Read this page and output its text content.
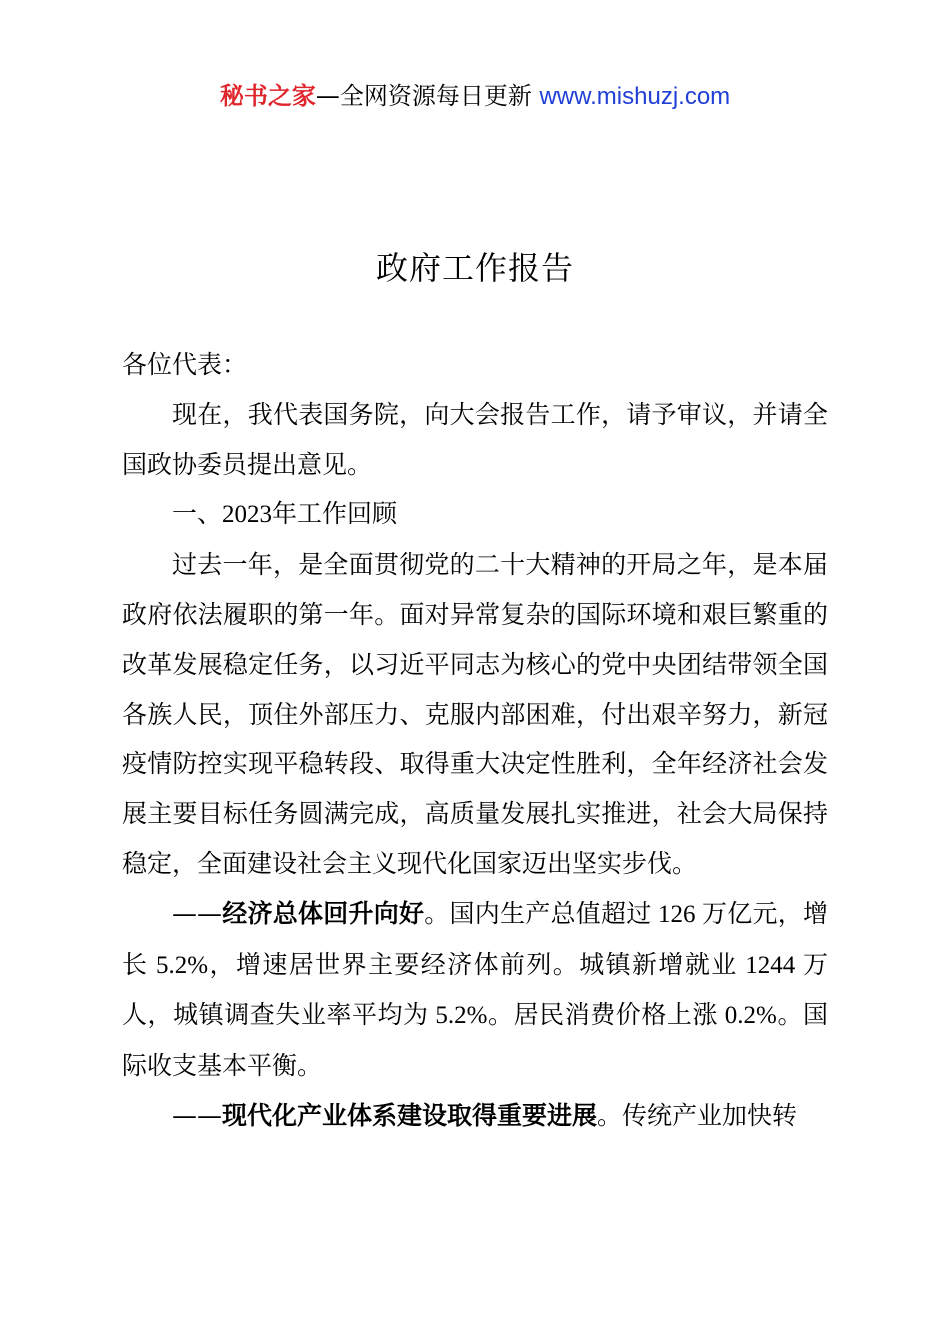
秘书之家—全网资源每日更新 www.mishuzj.com
政府工作报告

各位代表：

现在，我代表国务院，向大会报告工作，请予审议，并请全国政协委员提出意见。

一、2023年工作回顾

过去一年，是全面贯彻党的二十大精神的开局之年，是本届政府依法履职的第一年。面对异常复杂的国际环境和艰巨繁重的改革发展稳定任务，以习近平同志为核心的党中央团结带领全国各族人民，顶住外部压力、克服内部困难，付出艰辛努力，新冠疫情防控实现平稳转段、取得重大决定性胜利，全年经济社会发展主要目标任务圆满完成，高质量发展扎实推进，社会大局保持稳定，全面建设社会主义现代化国家迈出坚实步伐。

——经济总体回升向好。国内生产总值超过 126 万亿元，增长 5.2%，增速居世界主要经济体前列。城镇新增就业 1244 万人，城镇调查失业率平均为 5.2%。居民消费价格上涨 0.2%。国际收支基本平衡。

——现代化产业体系建设取得重要进展。传统产业加快转
